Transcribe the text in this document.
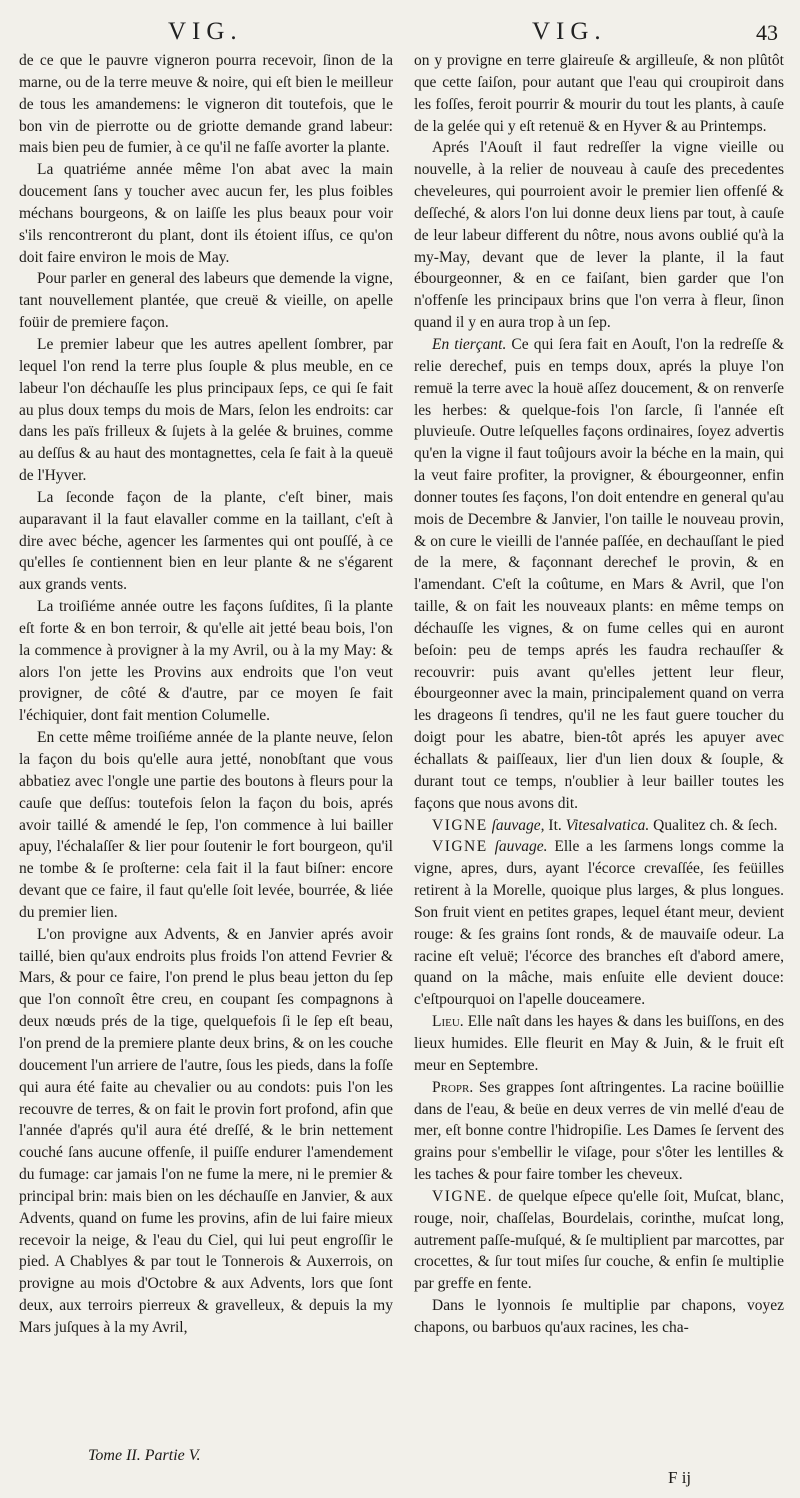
VIG.	VIG.	43

de ce que le pauvre vigneron pourra recevoir, ſinon de la marne, ou de la terre meuve & noire, qui eſt bien le meilleur de tous les amandemens: le vigneron dit toutefois, que le bon vin de pierrotte ou de griotte demande grand labeur: mais bien peu de fumier, à ce qu'il ne faſſe avorter la plante.

La quatriéme année même l'on abat avec la main doucement ſans y toucher avec aucun fer, les plus foibles méchans bourgeons, & on laiſſe les plus beaux pour voir s'ils rencontreront du plant, dont ils étoient iſſus, ce qu'on doit faire environ le mois de May.

Pour parler en general des labeurs que demende la vigne, tant nouvellement plantée, que creuë & vieille, on apelle foüir de premiere façon.

Le premier labeur que les autres apellent ſombrer, par lequel l'on rend la terre plus ſouple & plus meuble, en ce labeur l'on déchauſſe les plus principaux ſeps, ce qui ſe fait au plus doux temps du mois de Mars, ſelon les endroits: car dans les païs frilleux & ſujets à la gelée & bruines, comme au deſſus & au haut des montagnettes, cela ſe fait à la queuë de l'Hyver.

La ſeconde façon de la plante, c'eſt biner, mais auparavant il la faut elavaller comme en la taillant, c'eſt à dire avec béche, agencer les ſarmentes qui ont pouſſé, à ce qu'elles ſe contiennent bien en leur plante & ne s'égarent aux grands vents.

La troiſiéme année outre les façons ſuſdites, ſi la plante eſt forte & en bon terroir, & qu'elle ait jetté beau bois, l'on la commence à provigner à la my Avril, ou à la my May: & alors l'on jette les Provins aux endroits que l'on veut provigner, de côté & d'autre, par ce moyen ſe fait l'échiquier, dont fait mention Columelle.

En cette même troiſiéme année de la plante neuve, ſelon la façon du bois qu'elle aura jetté, nonobſtant que vous abbatiez avec l'ongle une partie des boutons à fleurs pour la cauſe que deſſus: toutefois ſelon la façon du bois, aprés avoir taillé & amendé le ſep, l'on commence à lui bailler apuy, l'échalaſſer & lier pour ſoutenir le fort bourgeon, qu'il ne tombe & ſe proſterne: cela fait il la faut biſner: encore devant que ce faire, il faut qu'elle ſoit levée, bourrée, & liée du premier lien.

L'on provigne aux Advents, & en Janvier aprés avoir taillé, bien qu'aux endroits plus froids l'on attend Fevrier & Mars, & pour ce faire, l'on prend le plus beau jetton du ſep que l'on connoît être creu, en coupant ſes compagnons à deux nœuds prés de la tige, quelquefois ſi le ſep eſt beau, l'on prend de la premiere plante deux brins, & on les couche doucement l'un arriere de l'autre, ſous les pieds, dans la foſſe qui aura été faite au chevalier ou au condots: puis l'on les recouvre de terres, & on fait le provin fort profond, afin que l'année d'aprés qu'il aura été dreſſé, & le brin nettement couché ſans aucune offenſe, il puiſſe endurer l'amendement du fumage: car jamais l'on ne fume la mere, ni le premier & principal brin: mais bien on les déchauſſe en Janvier, & aux Advents, quand on fume les provins, afin de lui faire mieux recevoir la neige, & l'eau du Ciel, qui lui peut engroſſir le pied. A Chablyes & par tout le Tonnerois & Auxerrois, on provigne au mois d'Octobre & aux Advents, lors que ſont deux, aux terroirs pierreux & gravelleux, & depuis la my Mars juſques à la my Avril,

on y provigne en terre glaireuſe & argilleuſe, & non plûtôt que cette ſaiſon, pour autant que l'eau qui croupiroit dans les foſſes, feroit pourrir & mourir du tout les plants, à cauſe de la gelée qui y eſt retenuë & en Hyver & au Printemps.

Aprés l'Aouſt il faut redreſſer la vigne vieille ou nouvelle, à la relier de nouveau à cauſe des precedentes cheveleures, qui pourroient avoir le premier lien offenſé & deſſeché, & alors l'on lui donne deux liens par tout, à cauſe de leur labeur different du nôtre, nous avons oublié qu'à la my-May, devant que de lever la plante, il la faut ébourgeonner, & en ce faiſant, bien garder que l'on n'offenſe les principaux brins que l'on verra à fleur, ſinon quand il y en aura trop à un ſep.

En tierçant. Ce qui ſera fait en Aouſt, l'on la redreſſe & relie derechef, puis en temps doux, aprés la pluye l'on remuë la terre avec la houë aſſez doucement, & on renverſe les herbes: & quelque-fois l'on ſarcle, ſi l'année eſt pluvieuſe. Outre leſquelles façons ordinaires, ſoyez advertis qu'en la vigne il faut toûjours avoir la béche en la main, qui la veut faire profiter, la provigner, & ébourgeonner, enfin donner toutes ſes façons, l'on doit entendre en general qu'au mois de Decembre & Janvier, l'on taille le nouveau provin, & on cure le vieilli de l'année paſſée, en dechauſſant le pied de la mere, & façonnant derechef le provin, & en l'amendant. C'eſt la coûtume, en Mars & Avril, que l'on taille, & on fait les nouveaux plants: en même temps on déchauſſe les vignes, & on fume celles qui en auront beſoin: peu de temps aprés les faudra rechauſſer & recouvrir: puis avant qu'elles jettent leur fleur, ébourgeonner avec la main, principalement quand on verra les drageons ſi tendres, qu'il ne les faut guere toucher du doigt pour les abatre, bien-tôt aprés les apuyer avec échallats & paiſſeaux, lier d'un lien doux & ſouple, & durant tout ce temps, n'oublier à leur bailler toutes les façons que nous avons dit.

VIGNE ſauvage, It. Vitesalvatica. Qualitez ch. & ſech.

VIGNE ſauvage. Elle a les ſarmens longs comme la vigne, apres, durs, ayant l'écorce crevaſſée, ſes feüilles retirent à la Morelle, quoique plus larges, & plus longues. Son fruit vient en petites grapes, lequel étant meur, devient rouge: & ſes grains ſont ronds, & de mauvaiſe odeur. La racine eſt veluë; l'écorce des branches eſt d'abord amere, quand on la mâche, mais enſuite elle devient douce: c'eſtpourquoi on l'apelle douceamere.

Lieu. Elle naît dans les hayes & dans les buiſſons, en des lieux humides. Elle fleurit en May & Juin, & le fruit eſt meur en Septembre.

Propr. Ses grappes ſont aſtringentes. La racine boüillie dans de l'eau, & beüe en deux verres de vin mellé d'eau de mer, eſt bonne contre l'hidropiſie. Les Dames ſe ſervent des grains pour s'embellir le viſage, pour s'ôter les lentilles & les taches & pour faire tomber les cheveux.

VIGNE. de quelque eſpece qu'elle ſoit, Muſcat, blanc, rouge, noir, chaſſelas, Bourdelais, corinthe, muſcat long, autrement paſſe-muſqué, & ſe multiplient par marcottes, par crocettes, & ſur tout miſes ſur couche, & enfin ſe multiplie par greffe en fente.

Dans le lyonnois ſe multiplie par chapons, voyez chapons, ou barbuos qu'aux racines, les cha-

Tome II. Partie V.
F ij
